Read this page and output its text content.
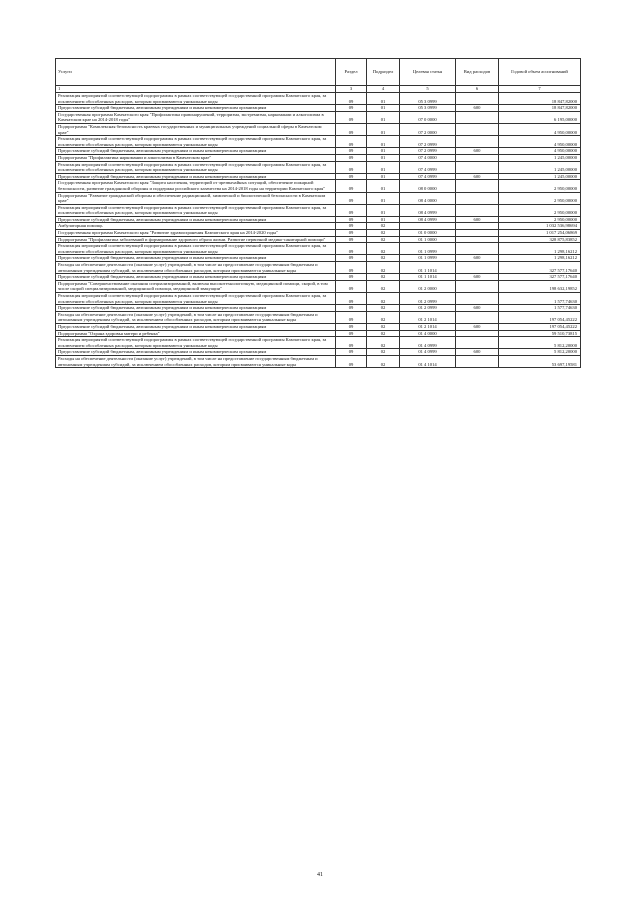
Услуги	Раздел	Подраздел	Целевая статья	Вид расходов	Годовой объем ассигнований
1	3	4	5	6	7
Реализация мероприятий соответствующей подпрограммы в рамках соответствующей государственной программы Камчатского края, за исключением обособленных расходов, которым присваиваются уникальные коды	09	01	05 3 0999		18 847,82000
Предоставление субсидий бюджетным, автономным учреждениям и иным некоммерческим организациям	09	01	05 3 0999	600	18 847,82000
Государственная программа Камчатского края "Профилактика правонарушений, терроризма, экстремизма, наркомании и алкоголизма в Камчатском крае на 2014-2018 годы"	09	01	07 0 0000		6 195,00000
Подпрограмма "Комплексная безопасность краевых государственных и муниципальных учреждений социальной сферы в Камчатском крае"	09	01	07 2 0000		4 950,00000
Реализация мероприятий соответствующей подпрограммы в рамках соответствующей государственной программы Камчатского края, за исключением обособленных расходов, которым присваиваются уникальные коды	09	01	07 2 0999		4 950,00000
Предоставление субсидий бюджетным, автономным учреждениям и иным некоммерческим организациям	09	01	07 2 0999	600	4 950,00000
Подпрограмма "Профилактика наркомании и алкоголизма в Камчатском крае"	09	01	07 4 0000		1 245,00000
Реализация мероприятий соответствующей подпрограммы в рамках соответствующей государственной программы Камчатского края, за исключением обособленных расходов, которым присваиваются уникальные коды	09	01	07 4 0999		1 245,00000
Предоставление субсидий бюджетным, автономным учреждениям и иным некоммерческим организациям	09	01	07 4 0999	600	1 245,00000
Государственная программа Камчатского края "Защита населения, территорий от чрезвычайных ситуаций, обеспечение пожарной безопасности, развитие гражданской обороны и поддержка российского казачества на 2014-2018 годы на территории Камчатского края"	09	01	08 0 0000		2 950,00000
Подпрограмма "Развитие гражданской обороны и обеспечение радиационной, химической и биологической безопасности в Камчатском крае"	09	01	08 4 0000		2 950,00000
Реализация мероприятий соответствующей подпрограммы в рамках соответствующей государственной программы Камчатского края, за исключением обособленных расходов, которым присваиваются уникальные коды	09	01	08 4 0999		2 950,00000
Предоставление субсидий бюджетным, автономным учреждениям и иным некоммерческим организациям	09	01	08 4 0999	600	2 950,00000
Амбулаторная помощь	09	02			1 032 536,98694
Государственная программа Камчатского края "Развитие здравоохранения Камчатского края на 2014-2020 годы"	09	02	01 0 0000		1 017 254,06869
Подпрограмма "Профилактика заболеваний и формирование здорового образа жизни. Развитие первичной медико-санитарной помощи"	09	02	01 1 0000		328 875,83852
Реализация мероприятий соответствующей подпрограммы в рамках соответствующей государственной программы Камчатского края, за исключением обособленных расходов, которым присваиваются уникальные коды	09	02	01 1 0999		1 298,16212
Предоставление субсидий бюджетным, автономным учреждениям и иным некоммерческим организациям	09	02	01 1 0999	600	1 298,16212
Расходы на обеспечение деятельности (оказание услуг) учреждений, в том числе на предоставление государственным бюджетным и автономным учреждениям субсидий, за исключением обособленных расходов, которым присваиваются уникальные коды	09	02	01 1 1014		327 577,17640
Предоставление субсидий бюджетным, автономным учреждениям и иным некоммерческим организациям	09	02	01 1 1014	600	327 577,17640
Подпрограмма "Совершенствование оказания специализированной, включая высокотехнологичную, медицинской помощи, скорой, в том числе скорой специализированной, медицинской помощи, медицинской эвакуации"	09	02	01 2 0000		198 632,19852
Реализация мероприятий соответствующей подпрограммы в рамках соответствующей государственной программы Камчатского края, за исключением обособленных расходов, которым присваиваются уникальные коды	09	02	01 2 0999		1 577,74630
Предоставление субсидий бюджетным, автономным учреждениям и иным некоммерческим организациям	09	02	01 2 0999	600	1 577,74630
Расходы на обеспечение деятельности (оказание услуг) учреждений, в том числе на предоставление государственным бюджетным и автономным учреждениям субсидий, за исключением обособленных расходов, которым присваиваются уникальные коды	09	02	01 2 1014		197 054,45222
Предоставление субсидий бюджетным, автономным учреждениям и иным некоммерческим организациям	09	02	01 2 1014	600	197 054,45222
Подпрограмма "Охрана здоровья матери и ребенка"	09	02	01 4 0000		59 510,73815
Реализация мероприятий соответствующей подпрограммы в рамках соответствующей государственной программы Камчатского края, за исключением обособленных расходов, которым присваиваются уникальные коды	09	02	01 4 0999		5 812,20000
Предоставление субсидий бюджетным, автономным учреждениям и иным некоммерческим организациям	09	02	01 4 0999	600	5 812,20000
Расходы на обеспечение деятельности (оказание услуг) учреждений, в том числе на предоставление государственным бюджетным и автономным учреждениям субсидий, за исключением обособленных расходов, которым присваиваются уникальные коды	09	02	01 4 1014		53 697,19581
41
